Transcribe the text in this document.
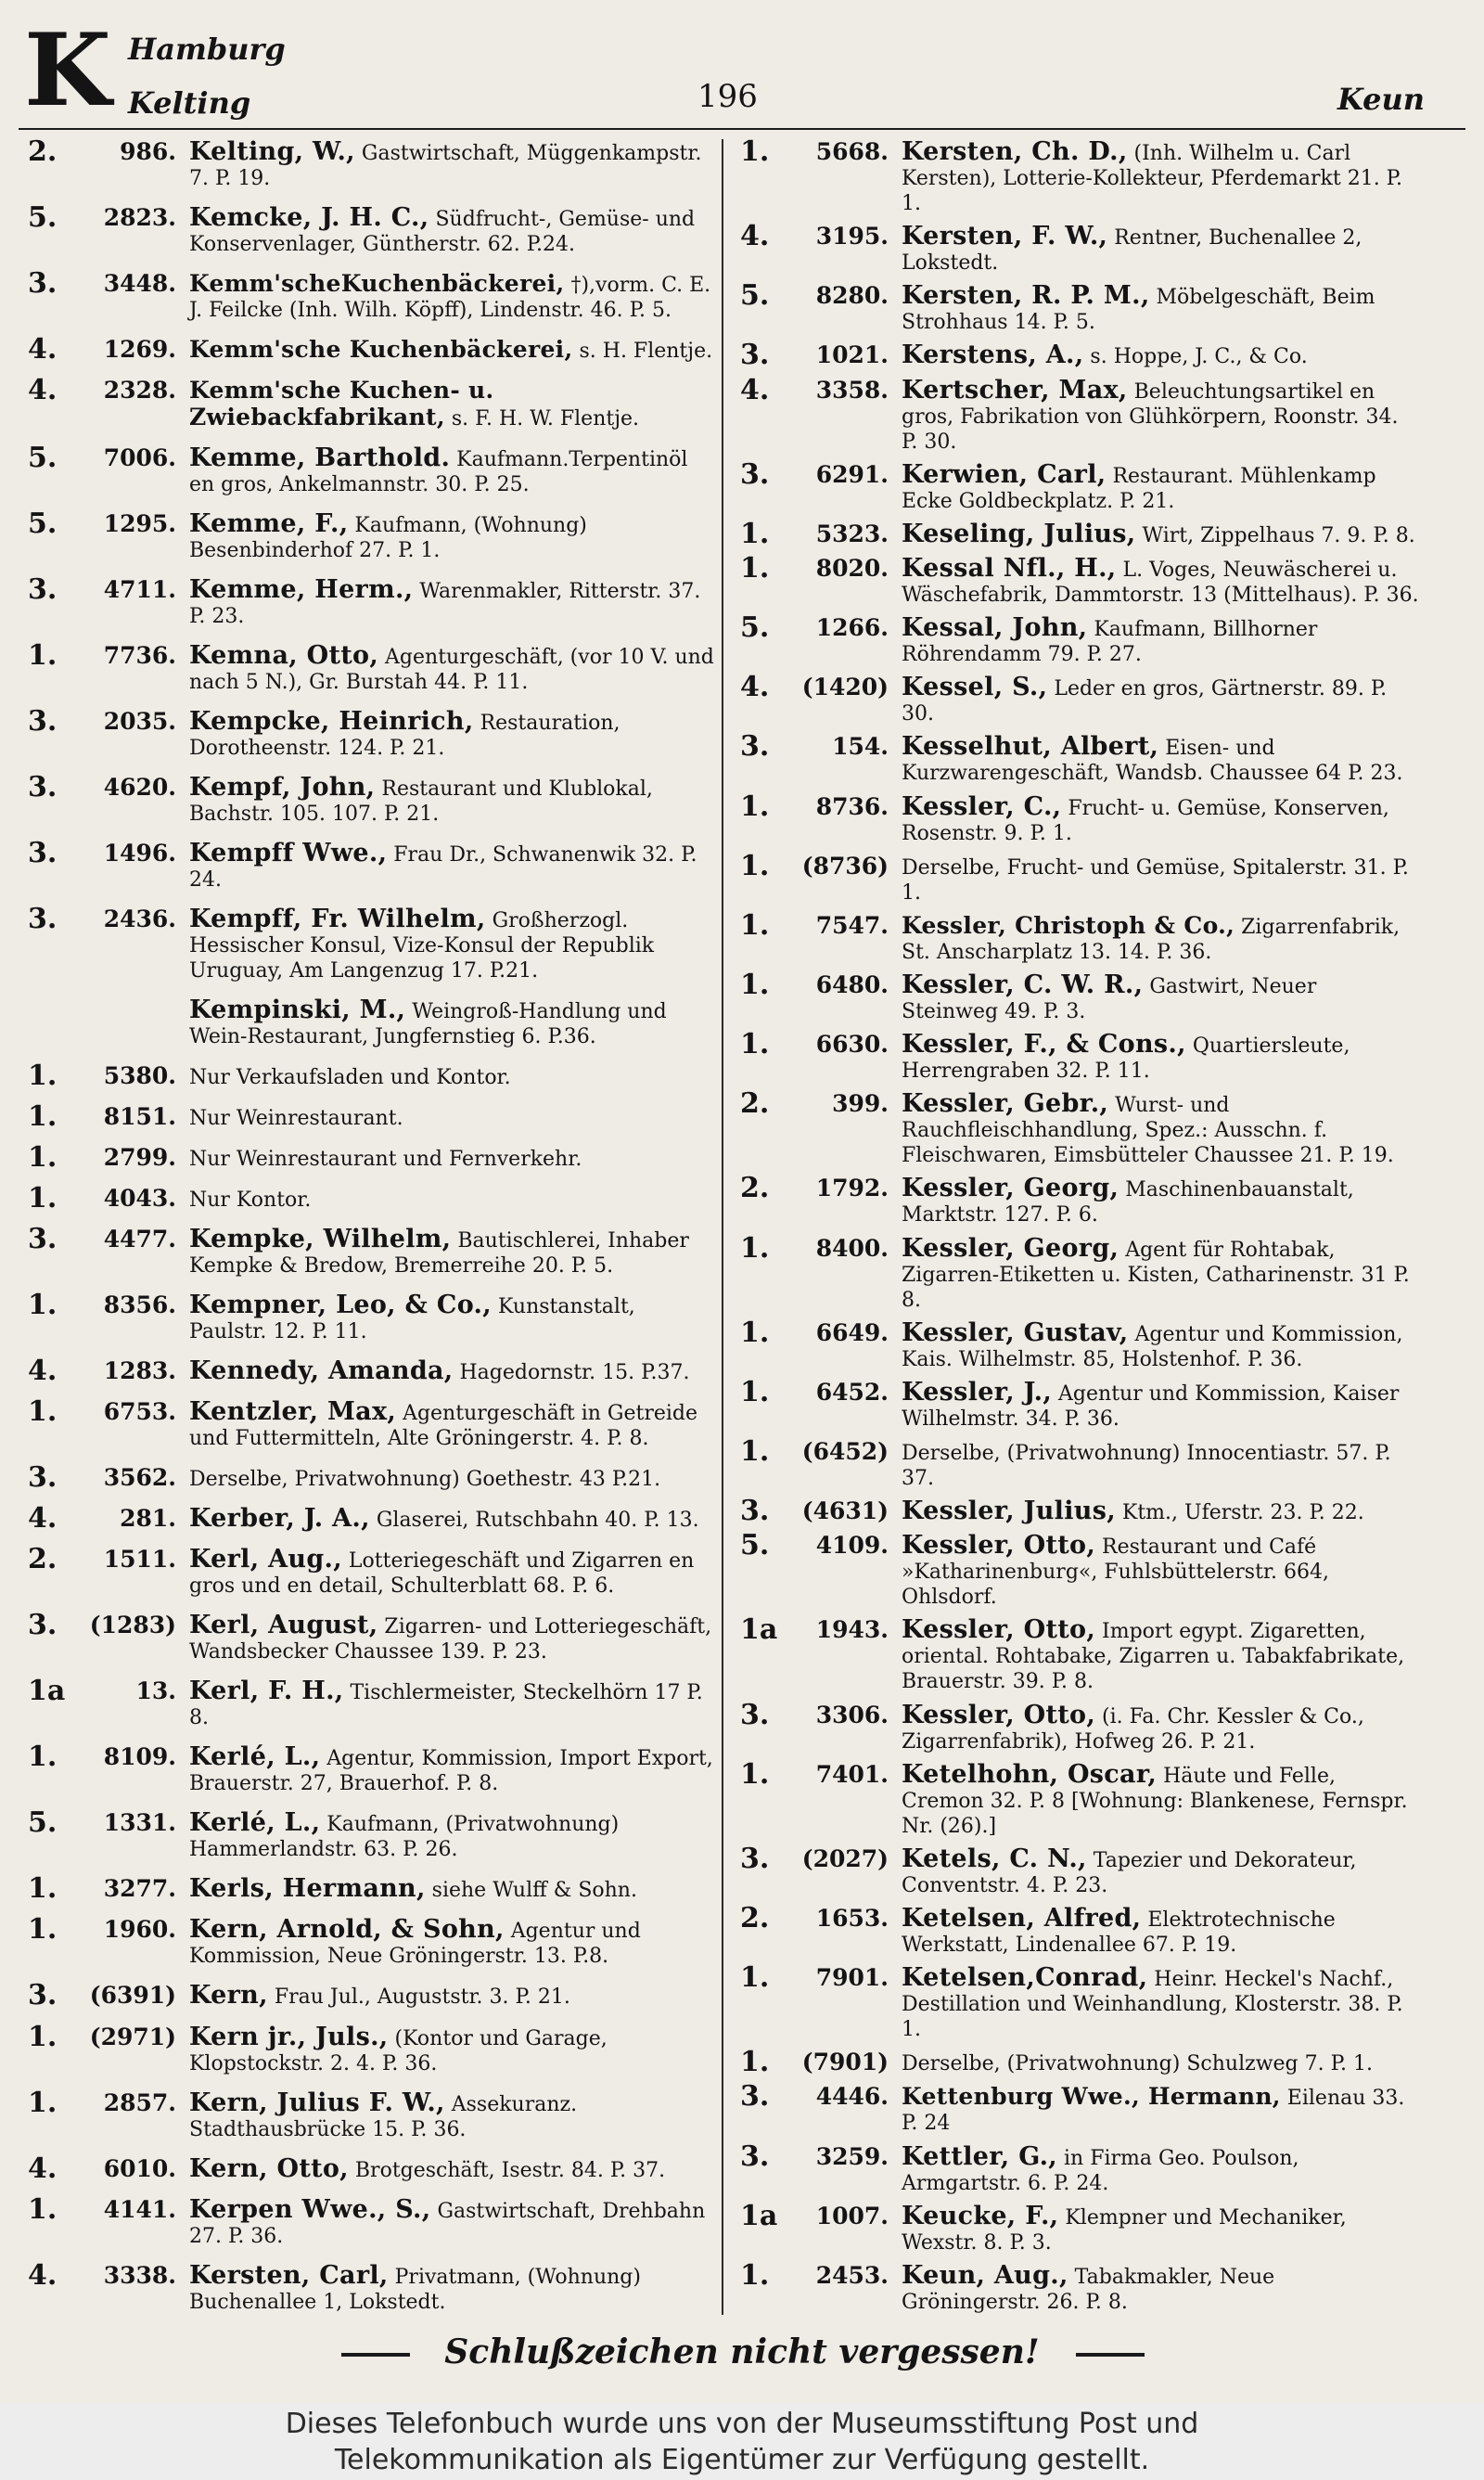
K Hamburg
Kelting	196	Keun
2.	986. Kelting, W., Gastwirtschaft, Müggenkampstr. 7. P. 19.
5.	2823. Kemcke, J. H. C., Südfrucht-, Gemüse- und Konservenlager, Güntherstr. 62. P.24.
3.	3448. Kemm'scheKuchenbäckerei, †),vorm. C. E. J. Feilcke (Inh. Wilh. Köpff), Lindenstr. 46. P. 5.
4.	1269. Kemm'sche Kuchenbäckerei, s. H. Flentje.
4.	2328. Kemm'sche Kuchen- u. Zwiebackfabrikant, s. F. H. W. Flentje.
5.	7006. Kemme, Barthold. Kaufmann.Terpentinöl en gros, Ankelmannstr. 30. P. 25.
5.	1295. Kemme, F., Kaufmann, (Wohnung) Besenbinderhof 27. P. 1.
3.	4711. Kemme, Herm., Warenmakler, Ritterstr. 37. P. 23.
1.	7736. Kemna, Otto, Agenturgeschäft, (vor 10 V. und nach 5 N.), Gr. Burstah 44. P. 11.
3.	2035. Kempcke, Heinrich, Restauration, Dorotheenstr. 124. P. 21.
3.	4620. Kempf, John, Restaurant und Klublokal, Bachstr. 105. 107. P. 21.
3.	1496. Kempff Wwe., Frau Dr., Schwanenwik 32. P. 24.
3.	2436. Kempff, Fr. Wilhelm, Großherzogl. Hessischer Konsul, Vize-Konsul der Republik Uruguay, Am Langenzug 17. P.21.
Kempinski, M., Weingroß-Handlung und Wein-Restaurant, Jungfernstieg 6. P.36.
1.	5380. Nur Verkaufsladen und Kontor.
1.	8151. Nur Weinrestaurant.
1.	2799. Nur Weinrestaurant und Fernverkehr.
1.	4043. Nur Kontor.
3.	4477. Kempke, Wilhelm, Bautischlerei, Inhaber Kempke & Bredow, Bremerreihe 20. P. 5.
1.	8356. Kempner, Leo, & Co., Kunstanstalt, Paulstr. 12. P. 11.
4.	1283. Kennedy, Amanda, Hagedornstr. 15. P.37.
1.	6753. Kentzler, Max, Agenturgeschäft in Getreide und Futtermitteln, Alte Gröningerstr. 4. P. 8.
3.	3562. Derselbe, Privatwohnung) Goethestr. 43 P.21.
4.	281. Kerber, J. A., Glaserei, Rutschbahn 40. P. 13.
2.	1511. Kerl, Aug., Lotteriegeschäft und Zigarren en gros und en detail, Schulterblatt 68. P. 6.
3.	(1283) Kerl, August, Zigarren- und Lotteriegeschäft, Wandsbecker Chaussee 139. P. 23.
1a	13. Kerl, F. H., Tischlermeister, Steckelhörn 17 P. 8.
1.	8109. Kerlé, L., Agentur, Kommission, Import Export, Brauerstr. 27, Brauerhof. P. 8.
5.	1331. Kerlé, L., Kaufmann, (Privatwohnung) Hammerlandstr. 63. P. 26.
1.	3277. Kerls, Hermann, siehe Wulff & Sohn.
1.	1960. Kern, Arnold, & Sohn, Agentur und Kommission, Neue Gröningerstr. 13. P.8.
3.	(6391) Kern, Frau Jul., Auguststr. 3. P. 21.
1.	(2971) Kern jr., Juls., (Kontor und Garage, Klopstockstr. 2. 4. P. 36.
1.	2857. Kern, Julius F. W., Assekuranz. Stadthausbrücke 15. P. 36.
4.	6010. Kern, Otto, Brotgeschäft, Isestr. 84. P. 37.
1.	4141. Kerpen Wwe., S., Gastwirtschaft, Drehbahn 27. P. 36.
4.	3338. Kersten, Carl, Privatmann, (Wohnung) Buchenallee 1, Lokstedt.
1.	5668. Kersten, Ch. D., (Inh. Wilhelm u. Carl Kersten), Lotterie-Kollekteur, Pferdemarkt 21. P. 1.
4.	3195. Kersten, F. W., Rentner, Buchenallee 2, Lokstedt.
5.	8280. Kersten, R. P. M., Möbelgeschäft, Beim Strohhaus 14. P. 5.
3.	1021. Kerstens, A., s. Hoppe, J. C., & Co.
4.	3358. Kertscher, Max, Beleuchtungsartikel en gros, Fabrikation von Glühkörpern, Roonstr. 34. P. 30.
3.	6291. Kerwien, Carl, Restaurant. Mühlenkamp Ecke Goldbeckplatz. P. 21.
1.	5323. Keseling, Julius, Wirt, Zippelhaus 7. 9. P. 8.
1.	8020. Kessal Nfl., H., L. Voges, Neuwäscherei u. Wäschefabrik, Dammtorstr. 13 (Mittelhaus). P. 36.
5.	1266. Kessal, John, Kaufmann, Billhorner Röhrendamm 79. P. 27.
4.	(1420) Kessel, S., Leder en gros, Gärtnerstr. 89. P. 30.
3.	154. Kesselhut, Albert, Eisen- und Kurzwarengeschäft, Wandsb. Chaussee 64 P. 23.
1.	8736. Kessler, C., Frucht- u. Gemüse, Konserven, Rosenstr. 9. P. 1.
1.	(8736) Derselbe, Frucht- und Gemüse, Spitalerstr. 31. P. 1.
1.	7547. Kessler, Christoph & Co., Zigarrenfabrik, St. Anscharplatz 13. 14. P. 36.
1.	6480. Kessler, C. W. R., Gastwirt, Neuer Steinweg 49. P. 3.
1.	6630. Kessler, F., & Cons., Quartiersleute, Herrengraben 32. P. 11.
2.	399. Kessler, Gebr., Wurst- und Rauchfleischhandlung, Spez.: Ausschn. f. Fleischwaren, Eimsbütteler Chaussee 21. P. 19.
2.	1792. Kessler, Georg, Maschinenbauanstalt, Marktstr. 127. P. 6.
1.	8400. Kessler, Georg, Agent für Rohtabak, Zigarren-Etiketten u. Kisten, Catharinenstr. 31 P. 8.
1.	6649. Kessler, Gustav, Agentur und Kommission, Kais. Wilhelmstr. 85, Holstenhof. P. 36.
1.	6452. Kessler, J., Agentur und Kommission, Kaiser Wilhelmstr. 34. P. 36.
1.	(6452) Derselbe, (Privatwohnung) Innocentiastr. 57. P. 37.
3.	(4631) Kessler, Julius, Ktm., Uferstr. 23. P. 22.
5.	4109. Kessler, Otto, Restaurant und Café »Katharinenburg«, Fuhlsbüttelerstr. 664, Ohlsdorf.
1a	1943. Kessler, Otto, Import egypt. Zigaretten, oriental. Rohtabake, Zigarren u. Tabakfabrikate, Brauerstr. 39. P. 8.
3.	3306. Kessler, Otto, (i. Fa. Chr. Kessler & Co., Zigarrenfabrik), Hofweg 26. P. 21.
1.	7401. Ketelhohn, Oscar, Häute und Felle, Cremon 32. P. 8 [Wohnung: Blankenese, Fernspr. Nr. (26).]
3.	(2027) Ketels, C. N., Tapezier und Dekorateur, Conventstr. 4. P. 23.
2.	1653. Ketelsen, Alfred, Elektrotechnische Werkstatt, Lindenallee 67. P. 19.
1.	7901. Ketelsen,Conrad, Heinr. Heckel's Nachf., Destillation und Weinhandlung, Klosterstr. 38. P. 1.
1.	(7901) Derselbe, (Privatwohnung) Schulzweg 7. P. 1.
3.	4446. Kettenburg Wwe., Hermann, Eilenau 33. P. 24
3.	3259. Kettler, G., in Firma Geo. Poulson, Armgartstr. 6. P. 24.
1a	1007. Keucke, F., Klempner und Mechaniker, Wexstr. 8. P. 3.
1.	2453. Keun, Aug., Tabakmakler, Neue Gröningerstr. 26. P. 8.
Schlußzeichen nicht vergessen!
Dieses Telefonbuch wurde uns von der Museumsstiftung Post und
Telekommunikation als Eigentümer zur Verfügung gestellt.
